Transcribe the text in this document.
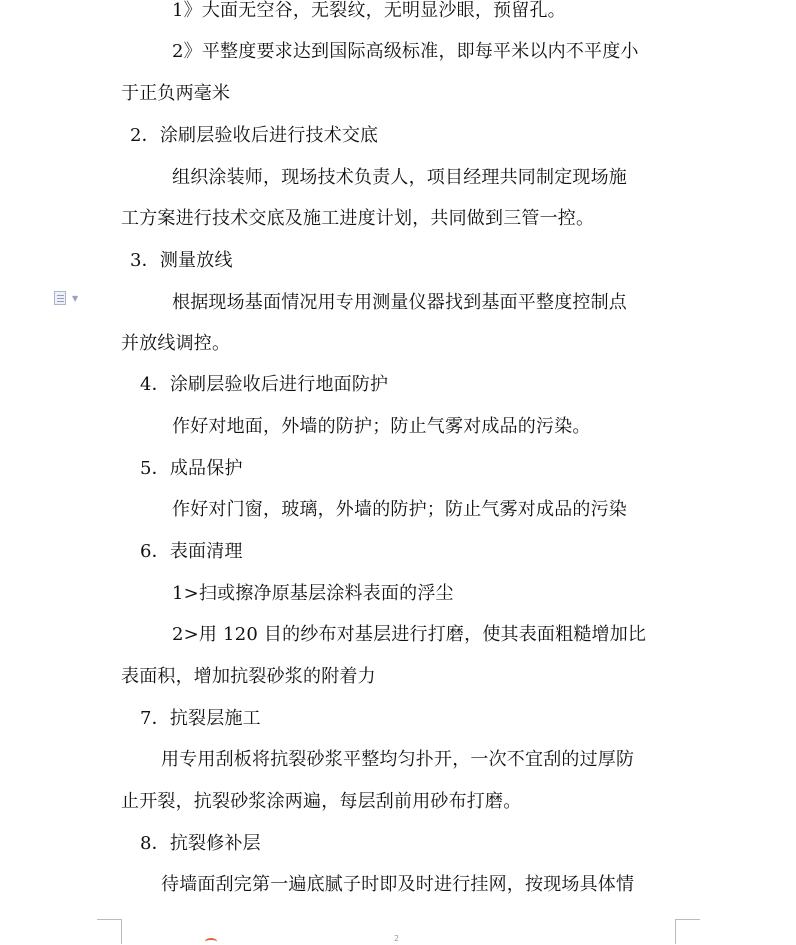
1》大面无空谷，无裂纹，无明显沙眼，预留孔。
2》平整度要求达到国际高级标准，即每平米以内不平度小
于正负两毫米
2．涂刷层验收后进行技术交底
组织涂装师，现场技术负责人，项目经理共同制定现场施
工方案进行技术交底及施工进度计划，共同做到三管一控。
3．测量放线
根据现场基面情况用专用测量仪器找到基面平整度控制点
并放线调控。
4．涂刷层验收后进行地面防护
作好对地面，外墙的防护；防止气雾对成品的污染。
5．成品保护
作好对门窗，玻璃，外墙的防护；防止气雾对成品的污染
6．表面清理
1>扫或擦净原基层涂料表面的浮尘
2>用 120 目的纱布对基层进行打磨，使其表面粗糙增加比
表面积，增加抗裂砂浆的附着力
7．抗裂层施工
用专用刮板将抗裂砂浆平整均匀扑开，一次不宜刮的过厚防
止开裂，抗裂砂浆涂两遍，每层刮前用砂布打磨。
8．抗裂修补层
待墙面刮完第一遍底腻子时即及时进行挂网，按现场具体情
▼
2
